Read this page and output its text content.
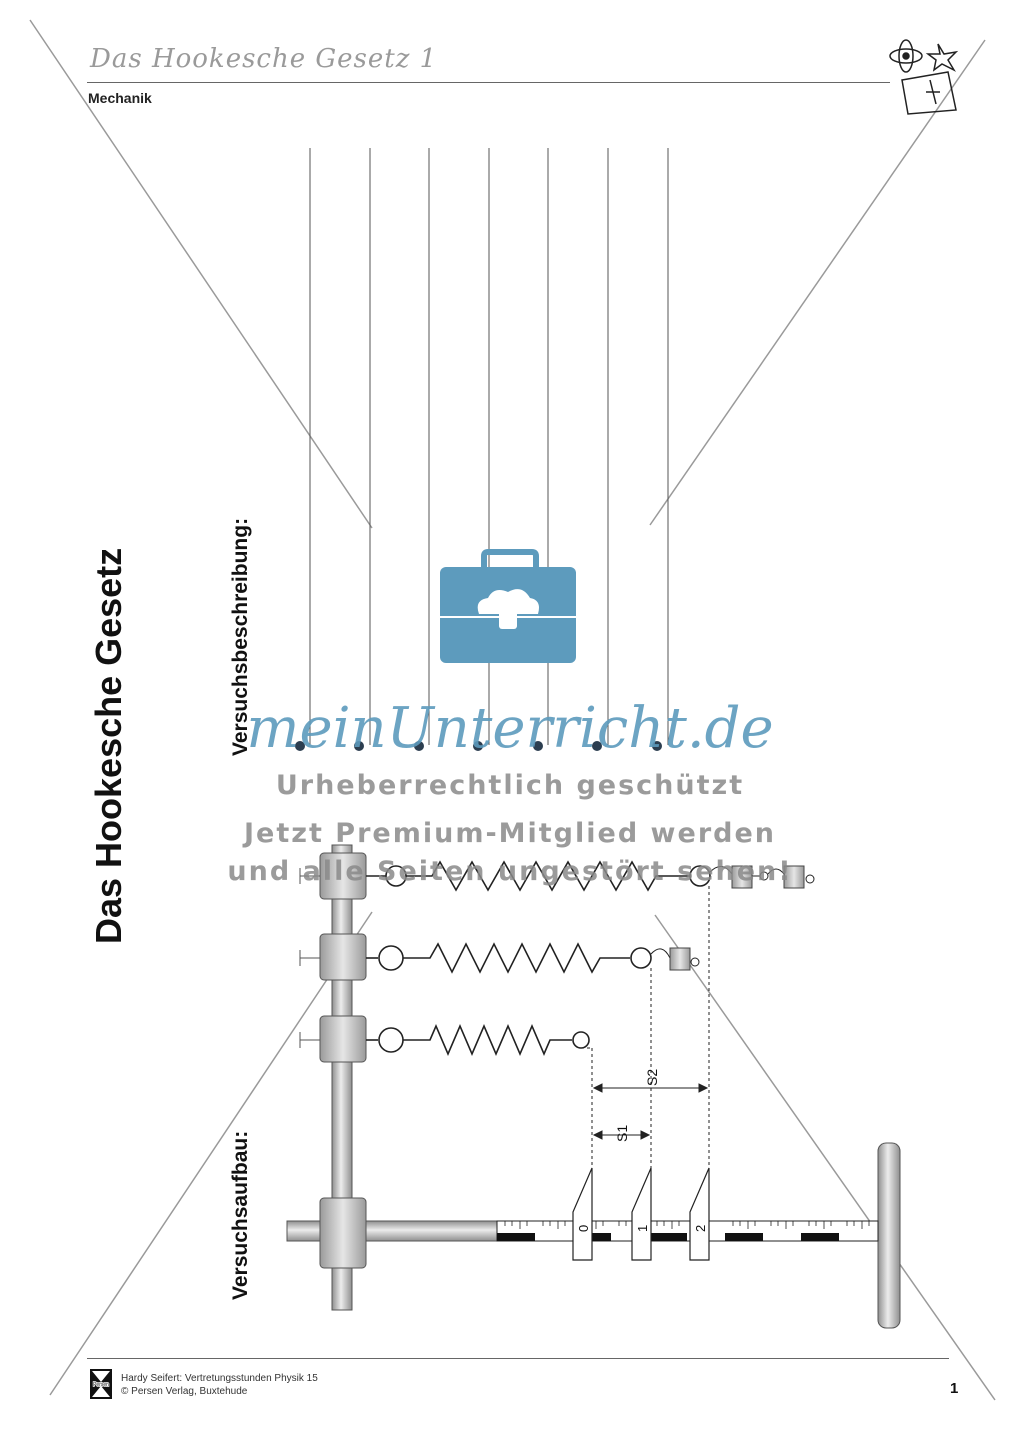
0	1	2
S2
S1
Persen
Das Hookesche Gesetz 1
Mechanik
Das Hookesche Gesetz	Versuchsbeschreibung:
Versuchsaufbau:
meinUnterricht.de
Urheberrechtlich geschützt
Jetzt Premium-Mitglied werden
und alle Seiten ungestört sehen!
Hardy Seifert: Vertretungsstunden Physik 15
© Persen Verlag, Buxtehude	1
